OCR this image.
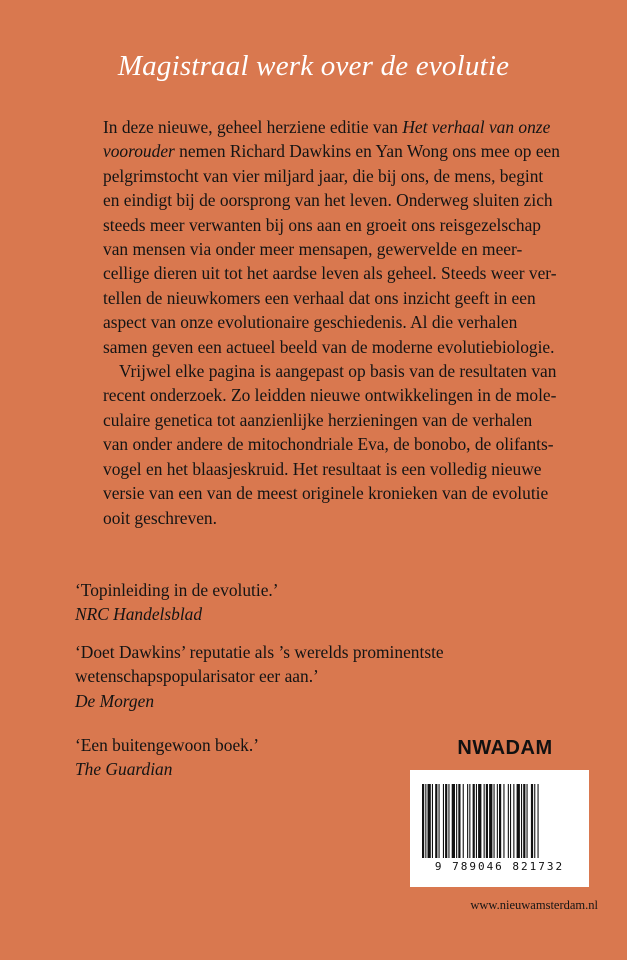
Magistraal werk over de evolutie

In deze nieuwe, geheel herziene editie van Het verhaal van onze
voorouder nemen Richard Dawkins en Yan Wong ons mee op een
pelgrimstocht van vier miljard jaar, die bij ons, de mens, begint
en eindigt bij de oorsprong van het leven. Onderweg sluiten zich
steeds meer verwanten bij ons aan en groeit ons reisgezelschap
van mensen via onder meer mensapen, gewervelde en meer-
cellige dieren uit tot het aardse leven als geheel. Steeds weer ver-
tellen de nieuwkomers een verhaal dat ons inzicht geeft in een
aspect van onze evolutionaire geschiedenis. Al die verhalen
samen geven een actueel beeld van de moderne evolutiebiologie.

Vrijwel elke pagina is aangepast op basis van de resultaten van
recent onderzoek. Zo leidden nieuwe ontwikkelingen in de mole-
culaire genetica tot aanzienlijke herzieningen van de verhalen
van onder andere de mitochondriale Eva, de bonobo, de olifants-
vogel en het blaasjeskruid. Het resultaat is een volledig nieuwe
versie van een van de meest originele kronieken van de evolutie
ooit geschreven.

‘Topinleiding in de evolutie.’
NRC Handelsblad
‘Doet Dawkins’ reputatie als ’s werelds prominentste
wetenschapspopularisator eer aan.’
De Morgen
‘Een buitengewoon boek.’
The Guardian
NWADAM
9 789046 821732
www.nieuwamsterdam.nl
